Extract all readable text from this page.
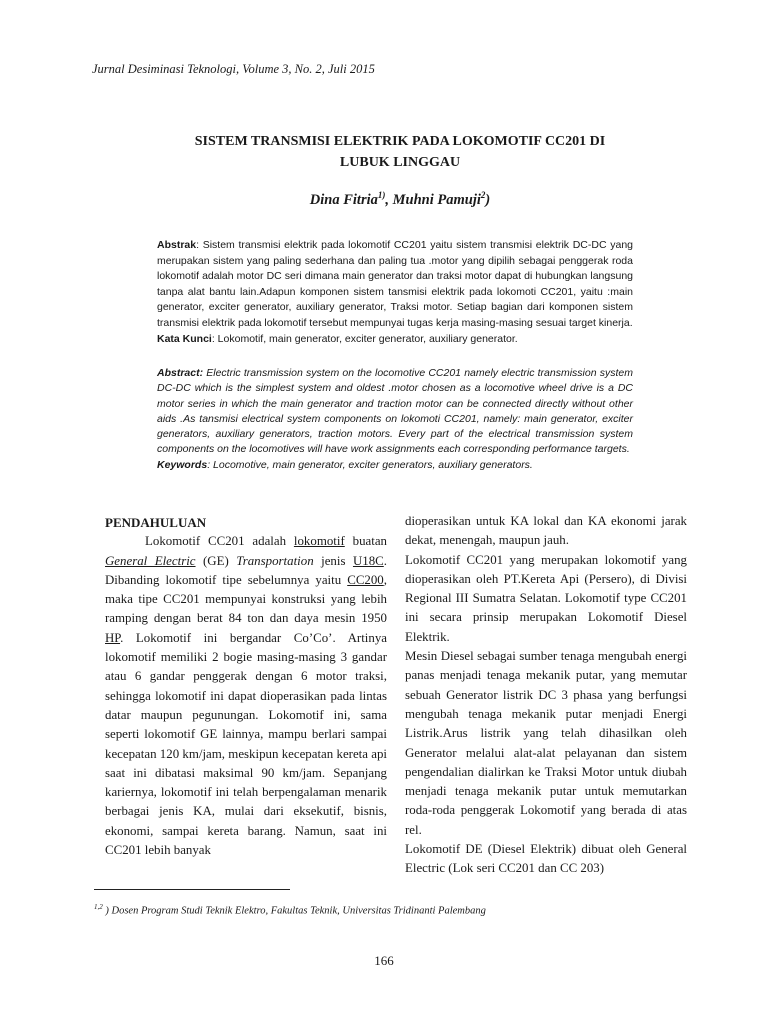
Jurnal Desiminasi Teknologi, Volume 3, No. 2, Juli 2015
SISTEM TRANSMISI ELEKTRIK PADA LOKOMOTIF CC201 DI
LUBUK LINGGAU
Dina Fitria$^{1)}$, Muhni Pamuji$^2$)
Abstrak: Sistem transmisi elektrik pada lokomotif CC201 yaitu sistem transmisi elektrik DC-DC yang merupakan sistem yang paling sederhana dan paling tua .motor yang dipilih sebagai penggerak roda lokomotif adalah motor DC seri dimana main generator dan traksi motor dapat di hubungkan langsung tanpa alat bantu lain.Adapun komponen sistem tansmisi elektrik pada lokomoti CC201, yaitu :main generator, exciter generator, auxiliary generator, Traksi motor. Setiap bagian dari komponen sistem transmisi elektrik pada lokomotif tersebut mempunyai tugas kerja masing-masing sesuai target kinerja.
Kata Kunci: Lokomotif, main generator, exciter generator, auxiliary generator.
Abstract: Electric transmission system on the locomotive CC201 namely electric transmission system DC-DC which is the simplest system and oldest .motor chosen as a locomotive wheel drive is a DC motor series in which the main generator and traction motor can be connected directly without other aids .As tansmisi electrical system components on lokomoti CC201, namely: main generator, exciter generators, auxiliary generators, traction motors. Every part of the electrical transmission system components on the locomotives will have work assignments each corresponding performance targets.
Keywords: Locomotive, main generator, exciter generators, auxiliary generators.

PENDAHULUAN

Lokomotif CC201 adalah lokomotif buatan General Electric (GE) Transportation jenis U18C. Dibanding lokomotif tipe sebelumnya yaitu CC200, maka tipe CC201 mempunyai konstruksi yang lebih ramping dengan berat 84 ton dan daya mesin 1950 HP. Lokomotif ini bergandar Co’Co’. Artinya lokomotif memiliki 2 bogie masing-masing 3 gandar atau 6 gandar penggerak dengan 6 motor traksi, sehingga lokomotif ini dapat dioperasikan pada lintas datar maupun pegunungan. Lokomotif ini, sama seperti lokomotif GE lainnya, mampu berlari sampai kecepatan 120 km/jam, meskipun kecepatan kereta api saat ini dibatasi maksimal 90 km/jam. Sepanjang kariernya, lokomotif ini telah berpengalaman menarik berbagai jenis KA, mulai dari eksekutif, bisnis, ekonomi, sampai kereta barang. Namun, saat ini CC201 lebih banyak

dioperasikan untuk KA lokal dan KA ekonomi jarak dekat, menengah, maupun jauh.

Lokomotif CC201 yang merupakan lokomotif yang dioperasikan oleh PT.Kereta Api (Persero), di Divisi Regional III Sumatra Selatan. Lokomotif type CC201 ini secara prinsip merupakan Lokomotif Diesel Elektrik.

Mesin Diesel sebagai sumber tenaga mengubah energi panas menjadi tenaga mekanik putar, yang memutar sebuah Generator listrik DC 3 phasa yang berfungsi mengubah tenaga mekanik putar menjadi Energi Listrik.Arus listrik yang telah dihasilkan oleh Generator melalui alat-alat pelayanan dan sistem pengendalian dialirkan ke Traksi Motor untuk diubah menjadi tenaga mekanik putar untuk memutarkan roda-roda penggerak Lokomotif yang berada di atas rel.

Lokomotif DE (Diesel Elektrik) dibuat oleh General Electric (Lok seri CC201 dan CC 203)

$^{1,2}$ ) Dosen Program Studi Teknik Elektro, Fakultas Teknik, Universitas Tridinanti Palembang
166
